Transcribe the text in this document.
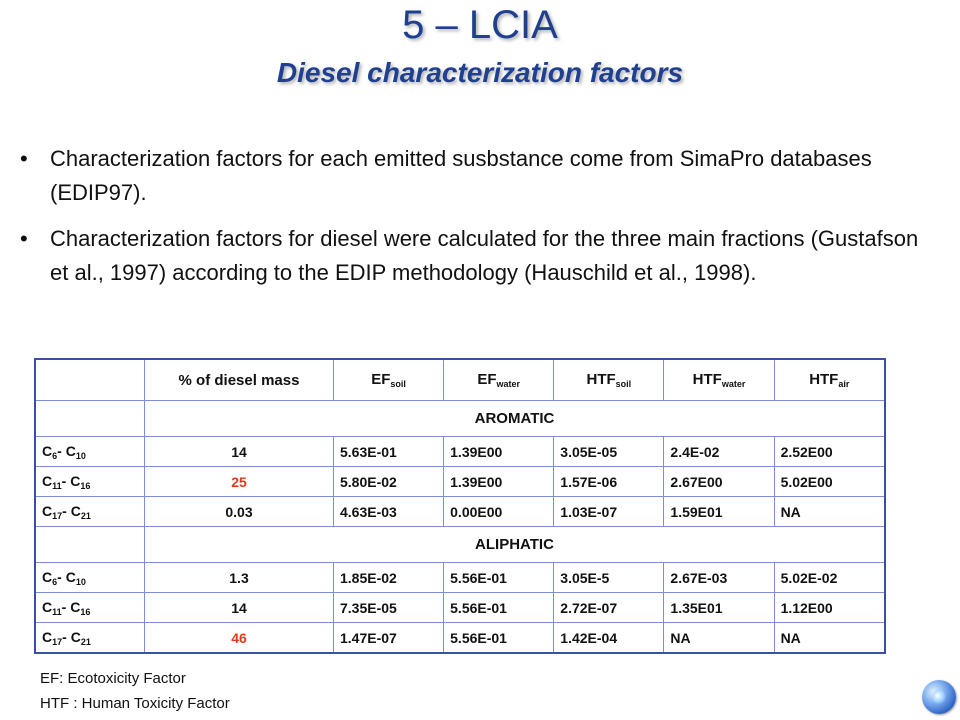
5 – LCIA
Diesel characterization factors
• Characterization factors for each emitted susbstance come from SimaPro databases (EDIP97).
• Characterization factors for diesel were calculated for the three main fractions (Gustafson et al., 1997) according to the EDIP methodology (Hauschild et al., 1998).
	% of diesel mass	$EF_{soil}$	$EF_{water}$	$HTF_{soil}$	$HTF_{water}$	$HTF_{air}$
	AROMATIC					
$C_6-$ $C_{10}$	14	5.63E-01	1.39E00	3.05E-05	2.4E-02	2.52E00
$C_{11}-$ $C_{16}$	25	5.80E-02	1.39E00	1.57E-06	2.67E00	5.02E00
$C_{17}-$ $C_{21}$	0.03	4.63E-03	0.00E00	1.03E-07	1.59E01	NA
	ALIPHATIC					
$C_6-$ $C_{10}$	1.3	1.85E-02	5.56E-01	3.05E-5	2.67E-03	5.02E-02
$C_{11}-$ $C_{16}$	14	7.35E-05	5.56E-01	2.72E-07	1.35E01	1.12E00
$C_{17}-$ $C_{21}$	46	1.47E-07	5.56E-01	1.42E-04	NA	NA
EF: Ecotoxicity Factor
HTF : Human Toxicity Factor
